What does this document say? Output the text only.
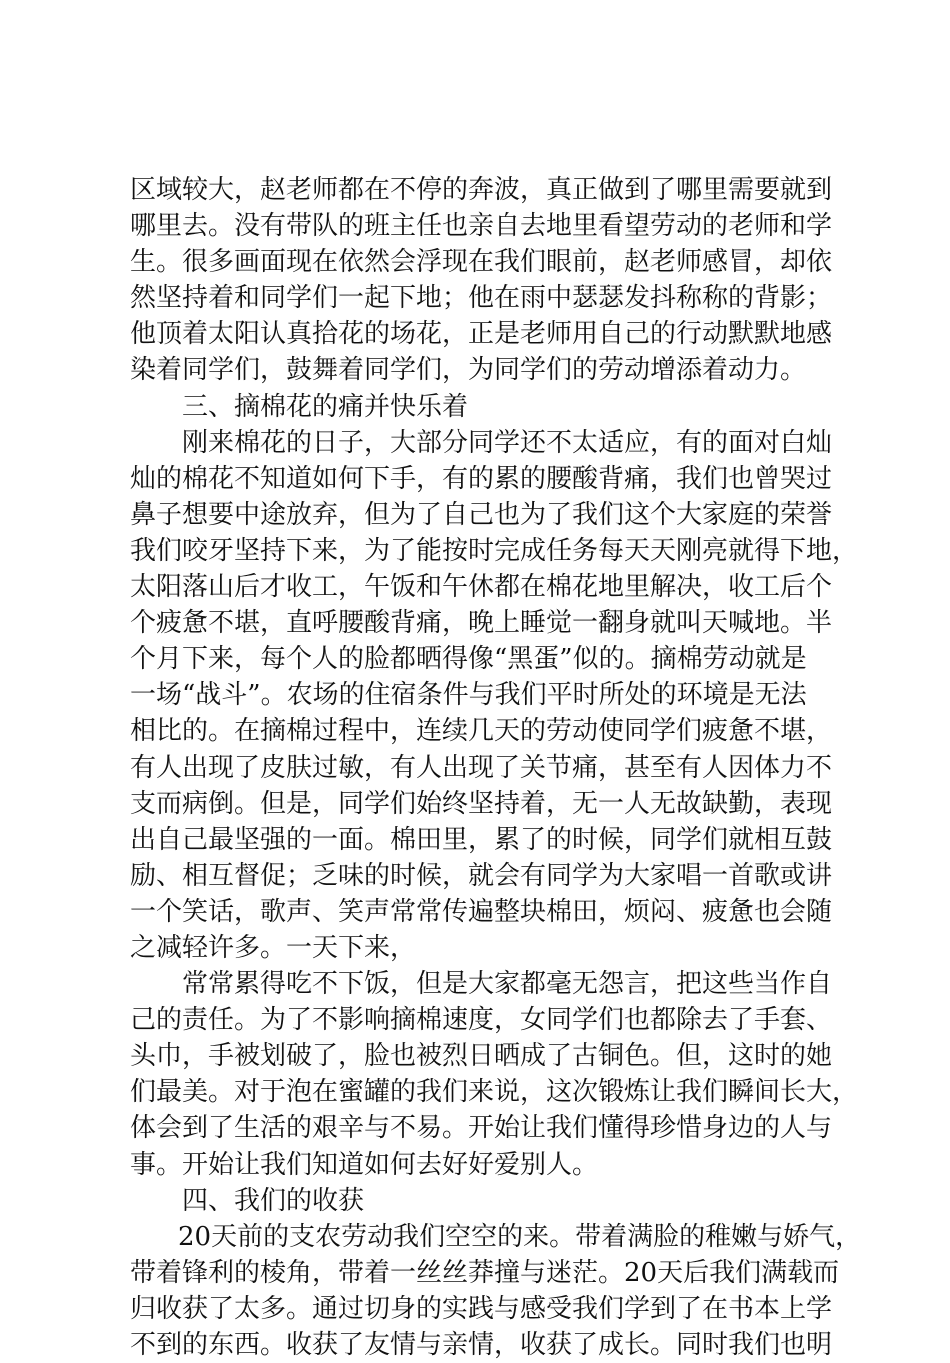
区域较大，赵老师都在不停的奔波，真正做到了哪里需要就到
哪里去。没有带队的班主任也亲自去地里看望劳动的老师和学
生。很多画面现在依然会浮现在我们眼前，赵老师感冒，却依
然坚持着和同学们一起下地；他在雨中瑟瑟发抖称称的背影；
他顶着太阳认真拾花的场花，正是老师用自己的行动默默地感
染着同学们，鼓舞着同学们，为同学们的劳动增添着动力。
三、摘棉花的痛并快乐着
刚来棉花的日子，大部分同学还不太适应，有的面对白灿
灿的棉花不知道如何下手，有的累的腰酸背痛，我们也曾哭过
鼻子想要中途放弃，但为了自己也为了我们这个大家庭的荣誉
我们咬牙坚持下来，为了能按时完成任务每天天刚亮就得下地，
太阳落山后才收工，午饭和午休都在棉花地里解决，收工后个
个疲惫不堪，直呼腰酸背痛，晚上睡觉一翻身就叫天喊地。半
个月下来，每个人的脸都晒得像“黑蛋”似的。摘棉劳动就是
一场“战斗”。农场的住宿条件与我们平时所处的环境是无法
相比的。在摘棉过程中，连续几天的劳动使同学们疲惫不堪，
有人出现了皮肤过敏，有人出现了关节痛，甚至有人因体力不
支而病倒。但是，同学们始终坚持着，无一人无故缺勤，表现
出自己最坚强的一面。棉田里，累了的时候，同学们就相互鼓
励、相互督促；乏味的时候，就会有同学为大家唱一首歌或讲
一个笑话，歌声、笑声常常传遍整块棉田，烦闷、疲惫也会随
之减轻许多。一天下来，
常常累得吃不下饭，但是大家都毫无怨言，把这些当作自
己的责任。为了不影响摘棉速度，女同学们也都除去了手套、
头巾，手被划破了，脸也被烈日晒成了古铜色。但，这时的她
们最美。对于泡在蜜罐的我们来说，这次锻炼让我们瞬间长大，
体会到了生活的艰辛与不易。开始让我们懂得珍惜身边的人与
事。开始让我们知道如何去好好爱别人。
四、我们的收获
20天前的支农劳动我们空空的来。带着满脸的稚嫩与娇气，
带着锋利的棱角，带着一丝丝莽撞与迷茫。20天后我们满载而
归收获了太多。通过切身的实践与感受我们学到了在书本上学
不到的东西。收获了友情与亲情，收获了成长。同时我们也明
